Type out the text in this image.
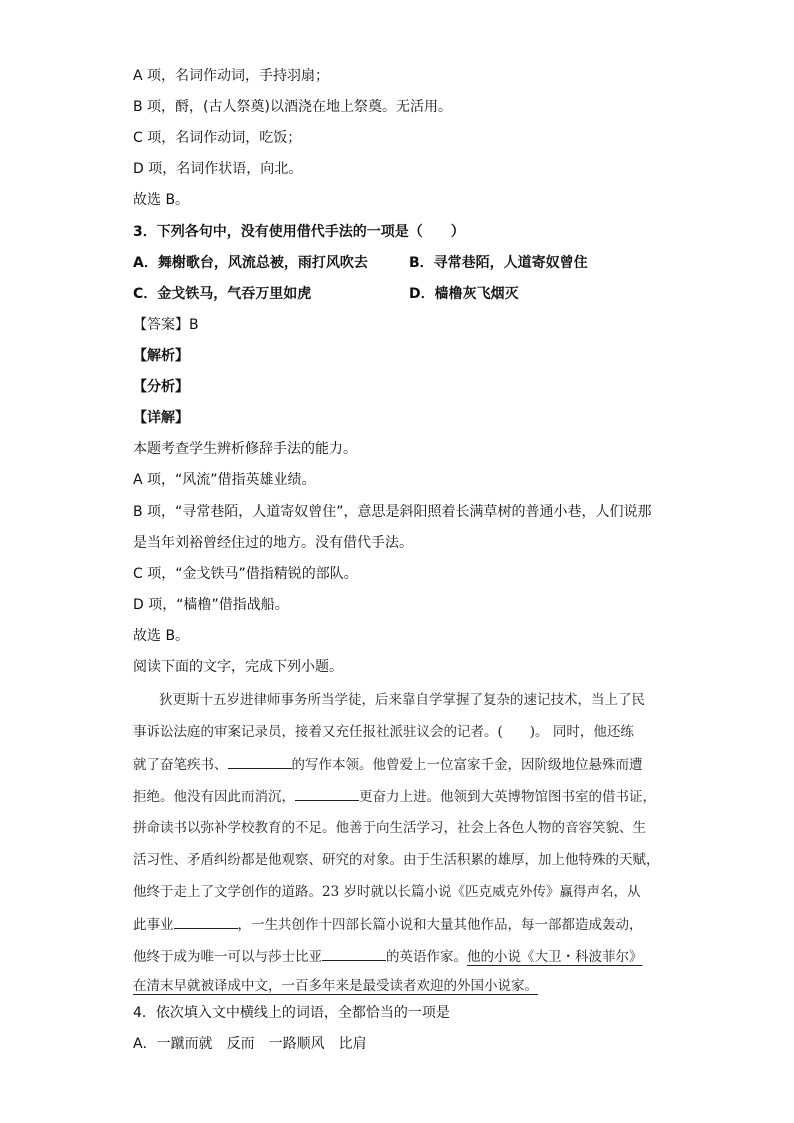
A 项，名词作动词，手持羽扇；
B 项，酹，(古人祭奠)以酒浇在地上祭奠。无活用。
C 项，名词作动词，吃饭；
D 项，名词作状语，向北。
故选 B。
3．下列各句中，没有使用借代手法的一项是（　　）
A．舞榭歌台，风流总被，雨打风吹去	B．寻常巷陌，人道寄奴曾住
C．金戈铁马，气吞万里如虎	D．樯橹灰飞烟灭
【答案】B
【解析】
【分析】
【详解】
本题考查学生辨析修辞手法的能力。
A 项，“风流”借指英雄业绩。
B 项，“寻常巷陌，人道寄奴曾住”，意思是斜阳照着长满草树的普通小巷，人们说那
是当年刘裕曾经住过的地方。没有借代手法。
C 项，“金戈铁马”借指精锐的部队。
D 项，“樯橹”借指战船。
故选 B。
阅读下面的文字，完成下列小题。
狄更斯十五岁进律师事务所当学徒，后来靠自学掌握了复杂的速记技术，当上了民
事诉讼法庭的审案记录员，接着又充任报社派驻议会的记者。(　　)。 同时，他还练
就了奋笔疾书、	的写作本领。他曾爱上一位富家千金，因阶级地位悬殊而遭
拒绝。他没有因此而消沉，	更奋力上进。他领到大英博物馆图书室的借书证，
拼命读书以弥补学校教育的不足。他善于向生活学习，社会上各色人物的音容笑貌、生
活习性、矛盾纠纷都是他观察、研究的对象。由于生活积累的雄厚，加上他特殊的天赋，
他终于走上了文学创作的道路。23 岁时就以长篇小说《匹克威克外传》赢得声名，从
此事业	，一生共创作十四部长篇小说和大量其他作品，每一部都造成轰动，
他终于成为唯一可以与莎士比亚	的英语作家。他的小说《大卫・科波菲尔》
在清末早就被译成中文，一百多年来是最受读者欢迎的外国小说家。
4．依次填入文中横线上的词语，全都恰当的一项是
A．一蹴而就　反而　一路顺风　比肩
